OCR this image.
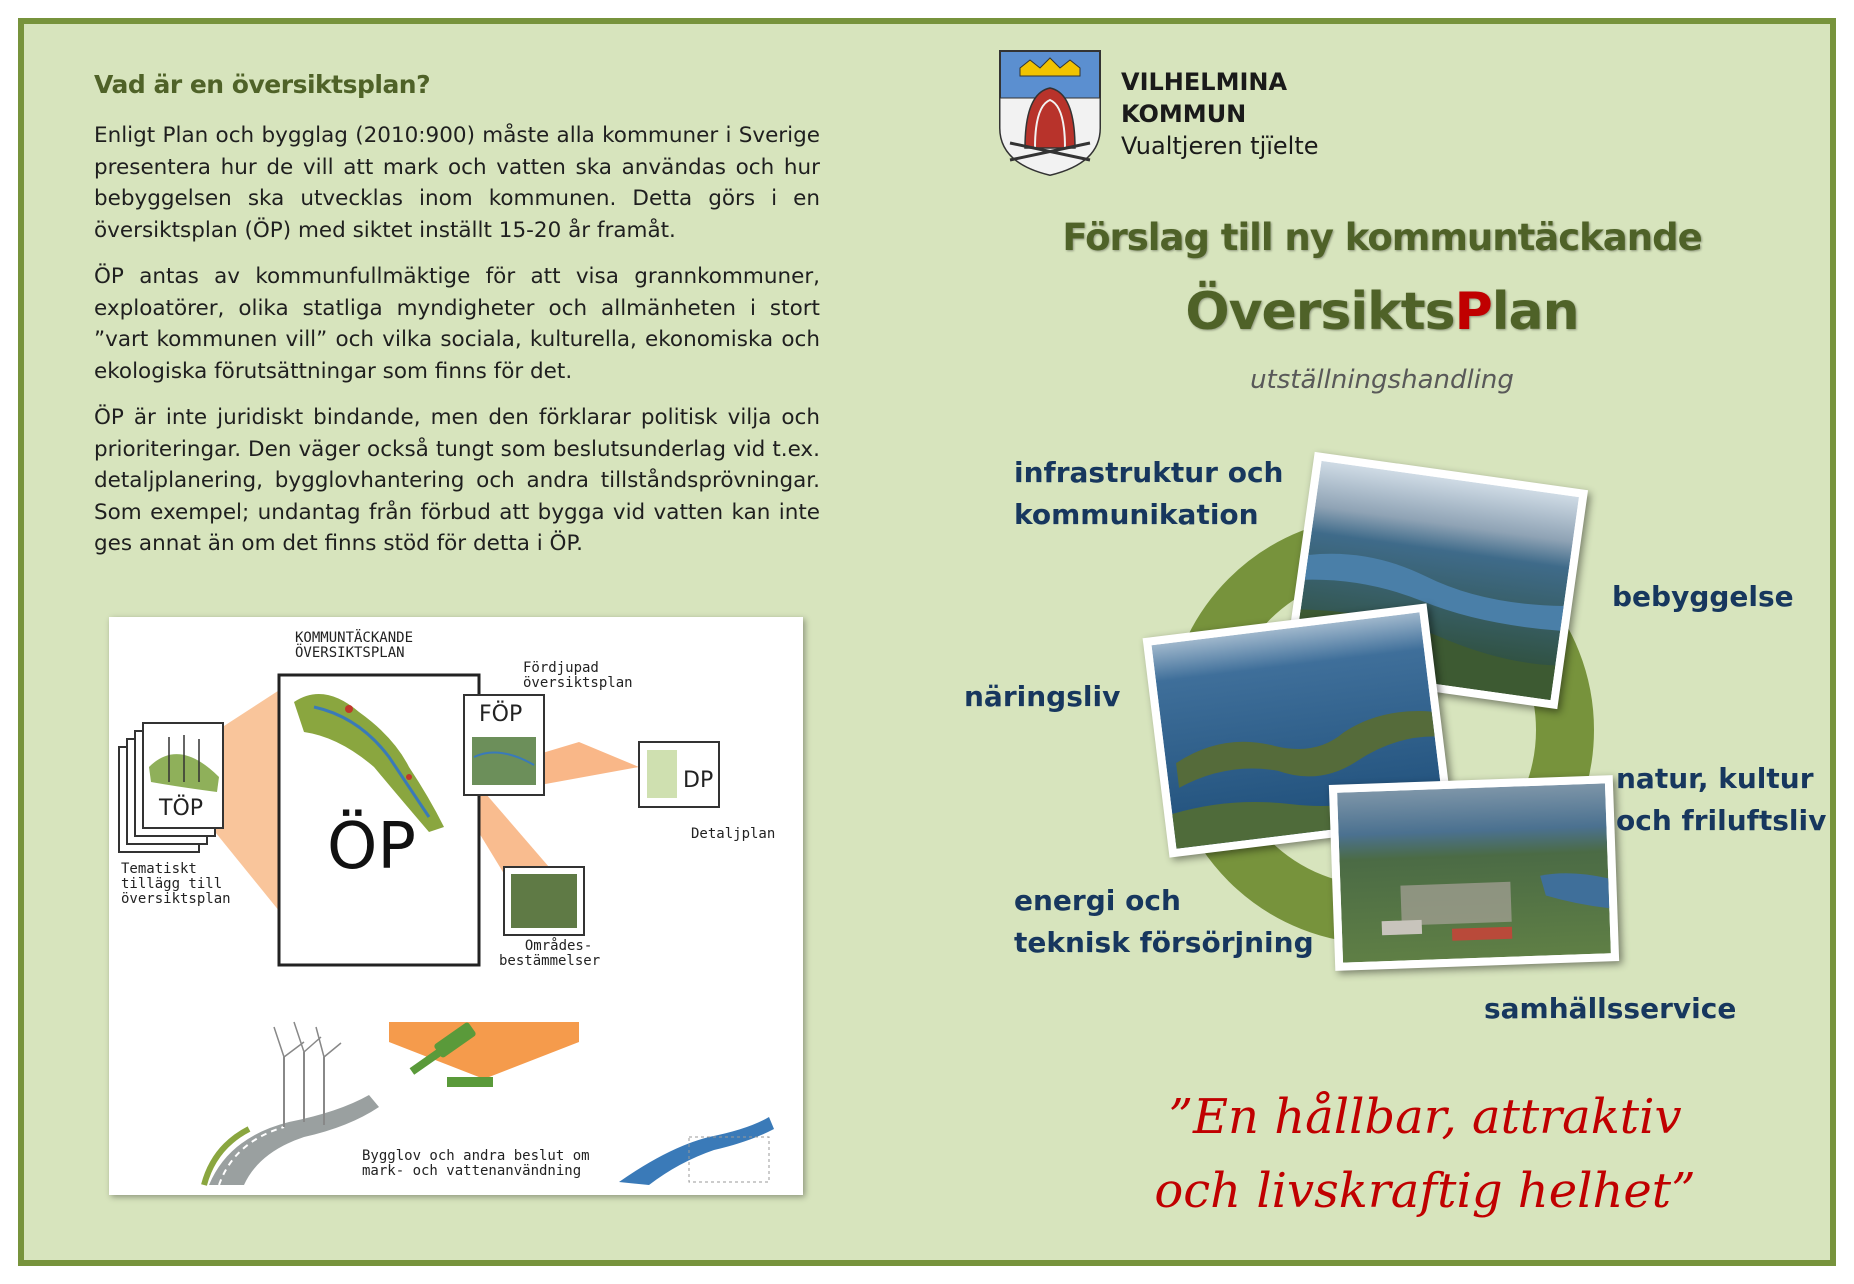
Vad är en översiktsplan?

Enligt Plan och bygglag (2010:900) måste alla kommuner i Sverige presentera hur de vill att mark och vatten ska användas och hur bebyggelsen ska utvecklas inom kommunen. Detta görs i en översiktsplan (ÖP) med siktet inställt 15-20 år framåt.

ÖP antas av kommunfullmäktige för att visa grannkommuner, exploatörer, olika statliga myndigheter och allmänheten i stort ”vart kommunen vill” och vilka sociala, kulturella, ekonomiska och ekologiska förutsättningar som finns för det.

ÖP är inte juridiskt bindande, men den förklarar politisk vilja och prioriteringar. Den väger också tungt som beslutsunderlag vid t.ex. detaljplanering, bygglovhantering och andra tillståndsprövningar. Som exempel; undantag från förbud att bygga vid vatten kan inte ges annat än om det finns stöd för detta i ÖP.

KOMMUNTÄCKANDE
ÖVERSIKTSPLAN
ÖP
TÖP
Tematiskt
tillägg till
översiktsplan
Fördjupad
översiktsplan
FÖP
DP
Detaljplan
Områdes-
bestämmelser
Bygglov och andra beslut om
mark- och vattenanvändning
VILHELMINA
KOMMUN
Vualtjeren tjïelte
Förslag till ny kommuntäckande
ÖversiktsPlan
utställningshandling
infrastruktur och
kommunikation
bebyggelse
näringsliv
natur, kultur
och friluftsliv
energi och
teknisk försörjning
samhällsservice
”En hållbar, attraktiv
och livskraftig helhet”
